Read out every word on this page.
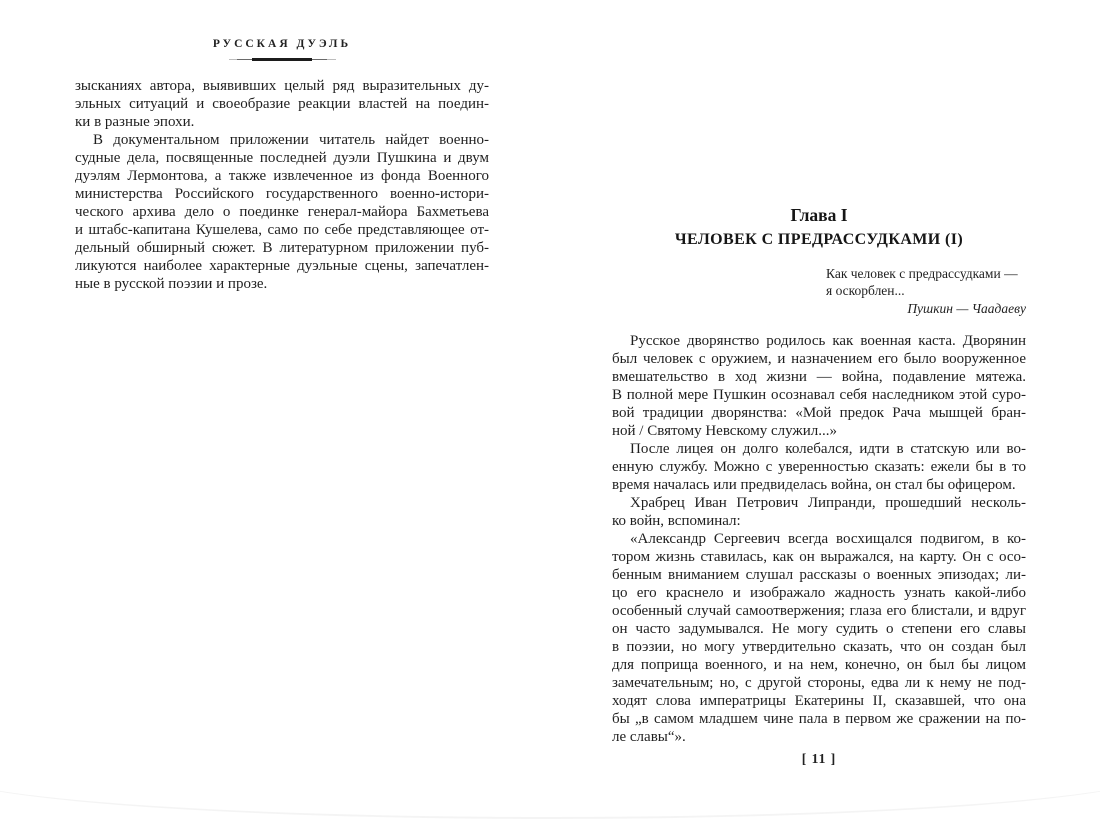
РУССКАЯ ДУЭЛЬ
зысканиях автора, выявивших целый ряд выразительных ду-
эльных ситуаций и своеобразие реакции властей на поедин-
ки в разные эпохи.
В документальном приложении читатель найдет военно-
судные дела, посвященные последней дуэли Пушкина и двум
дуэлям Лермонтова, а также извлеченное из фонда Военного
министерства Российского государственного военно-истори-
ческого архива дело о поединке генерал-майора Бахметьева
и штабс-капитана Кушелева, само по себе представляющее от-
дельный обширный сюжет. В литературном приложении пуб-
ликуются наиболее характерные дуэльные сцены, запечатлен-
ные в русской поэзии и прозе.
Глава I
ЧЕЛОВЕК С ПРЕДРАССУДКАМИ (I)
Как человек с предрассудками —
я оскорблен...
Пушкин — Чаадаеву
Русское дворянство родилось как военная каста. Дворянин
был человек с оружием, и назначением его было вооруженное
вмешательство в ход жизни — война, подавление мятежа.
В полной мере Пушкин осознавал себя наследником этой суро-
вой традиции дворянства: «Мой предок Рача мышцей бран-
ной / Святому Невскому служил...»
После лицея он долго колебался, идти в статскую или во-
енную службу. Можно с уверенностью сказать: ежели бы в то
время началась или предвиделась война, он стал бы офицером.
Храбрец Иван Петрович Липранди, прошедший несколь-
ко войн, вспоминал:
«Александр Сергеевич всегда восхищался подвигом, в ко-
тором жизнь ставилась, как он выражался, на карту. Он с осо-
бенным вниманием слушал рассказы о военных эпизодах; ли-
цо его краснело и изображало жадность узнать какой-либо
особенный случай самоотвержения; глаза его блистали, и вдруг
он часто задумывался. Не могу судить о степени его славы
в поэзии, но могу утвердительно сказать, что он создан был
для поприща военного, и на нем, конечно, он был бы лицом
замечательным; но, с другой стороны, едва ли к нему не под-
ходят слова императрицы Екатерины II, сказавшей, что она
бы „в самом младшем чине пала в первом же сражении на по-
ле славы“».
[ 11 ]
